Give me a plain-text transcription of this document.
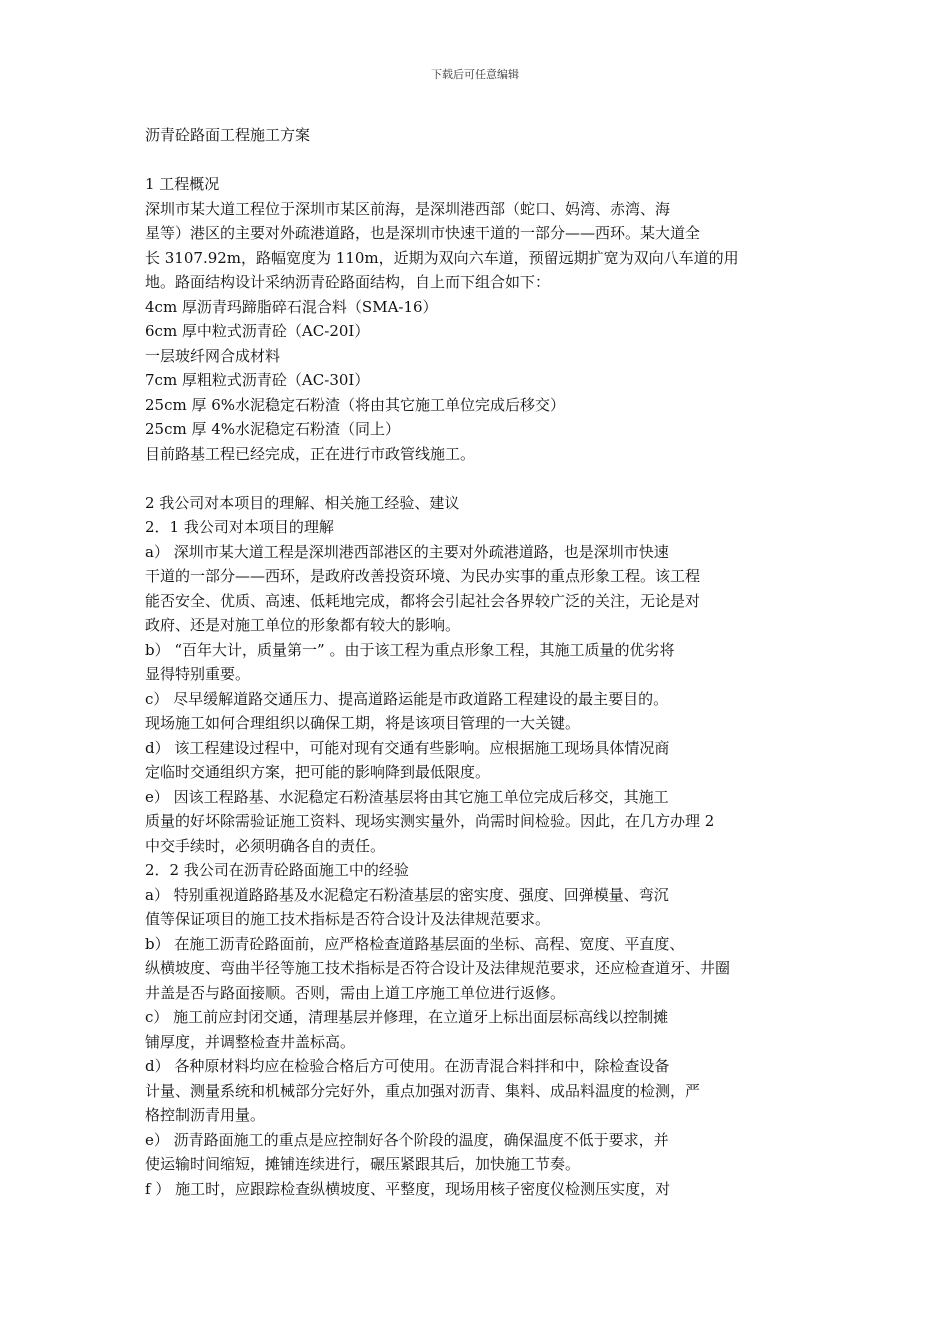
下载后可任意编辑
沥青砼路面工程施工方案
1 工程概况
深圳市某大道工程位于深圳市某区前海，是深圳港西部（蛇口、妈湾、赤湾、海
星等）港区的主要对外疏港道路，也是深圳市快速干道的一部分——西环。某大道全
长 3107.92m，路幅宽度为 110m，近期为双向六车道，预留远期扩宽为双向八车道的用
地。路面结构设计采纳沥青砼路面结构，自上而下组合如下：
4cm 厚沥青玛蹄脂碎石混合料（SMA-16）
6cm 厚中粒式沥青砼（AC-20I）
一层玻纤网合成材料
7cm 厚粗粒式沥青砼（AC-30I）
25cm 厚 6%水泥稳定石粉渣（将由其它施工单位完成后移交）
25cm 厚 4%水泥稳定石粉渣（同上）
目前路基工程已经完成，正在进行市政管线施工。
2 我公司对本项目的理解、相关施工经验、建议
2．1 我公司对本项目的理解
a） 深圳市某大道工程是深圳港西部港区的主要对外疏港道路，也是深圳市快速
干道的一部分——西环，是政府改善投资环境、为民办实事的重点形象工程。该工程
能否安全、优质、高速、低耗地完成，都将会引起社会各界较广泛的关注，无论是对
政府、还是对施工单位的形象都有较大的影响。
b） “百年大计，质量第一” 。由于该工程为重点形象工程，其施工质量的优劣将
显得特别重要。
c） 尽早缓解道路交通压力、提高道路运能是市政道路工程建设的最主要目的。
现场施工如何合理组织以确保工期，将是该项目管理的一大关键。
d） 该工程建设过程中，可能对现有交通有些影响。应根据施工现场具体情况商
定临时交通组织方案，把可能的影响降到最低限度。
e） 因该工程路基、水泥稳定石粉渣基层将由其它施工单位完成后移交，其施工
质量的好坏除需验证施工资料、现场实测实量外，尚需时间检验。因此，在几方办理 2
中交手续时，必须明确各自的责任。
2．2 我公司在沥青砼路面施工中的经验
a） 特别重视道路路基及水泥稳定石粉渣基层的密实度、强度、回弹模量、弯沉
值等保证项目的施工技术指标是否符合设计及法律规范要求。
b） 在施工沥青砼路面前，应严格检查道路基层面的坐标、高程、宽度、平直度、
纵横坡度、弯曲半径等施工技术指标是否符合设计及法律规范要求，还应检查道牙、井圈
井盖是否与路面接顺。否则，需由上道工序施工单位进行返修。
c） 施工前应封闭交通，清理基层并修理，在立道牙上标出面层标高线以控制摊
铺厚度，并调整检查井盖标高。
d） 各种原材料均应在检验合格后方可使用。在沥青混合料拌和中，除检查设备
计量、测量系统和机械部分完好外，重点加强对沥青、集料、成品料温度的检测，严
格控制沥青用量。
e） 沥青路面施工的重点是应控制好各个阶段的温度，确保温度不低于要求，并
使运输时间缩短，摊铺连续进行，碾压紧跟其后，加快施工节奏。
f ） 施工时，应跟踪检查纵横坡度、平整度，现场用核子密度仪检测压实度，对
